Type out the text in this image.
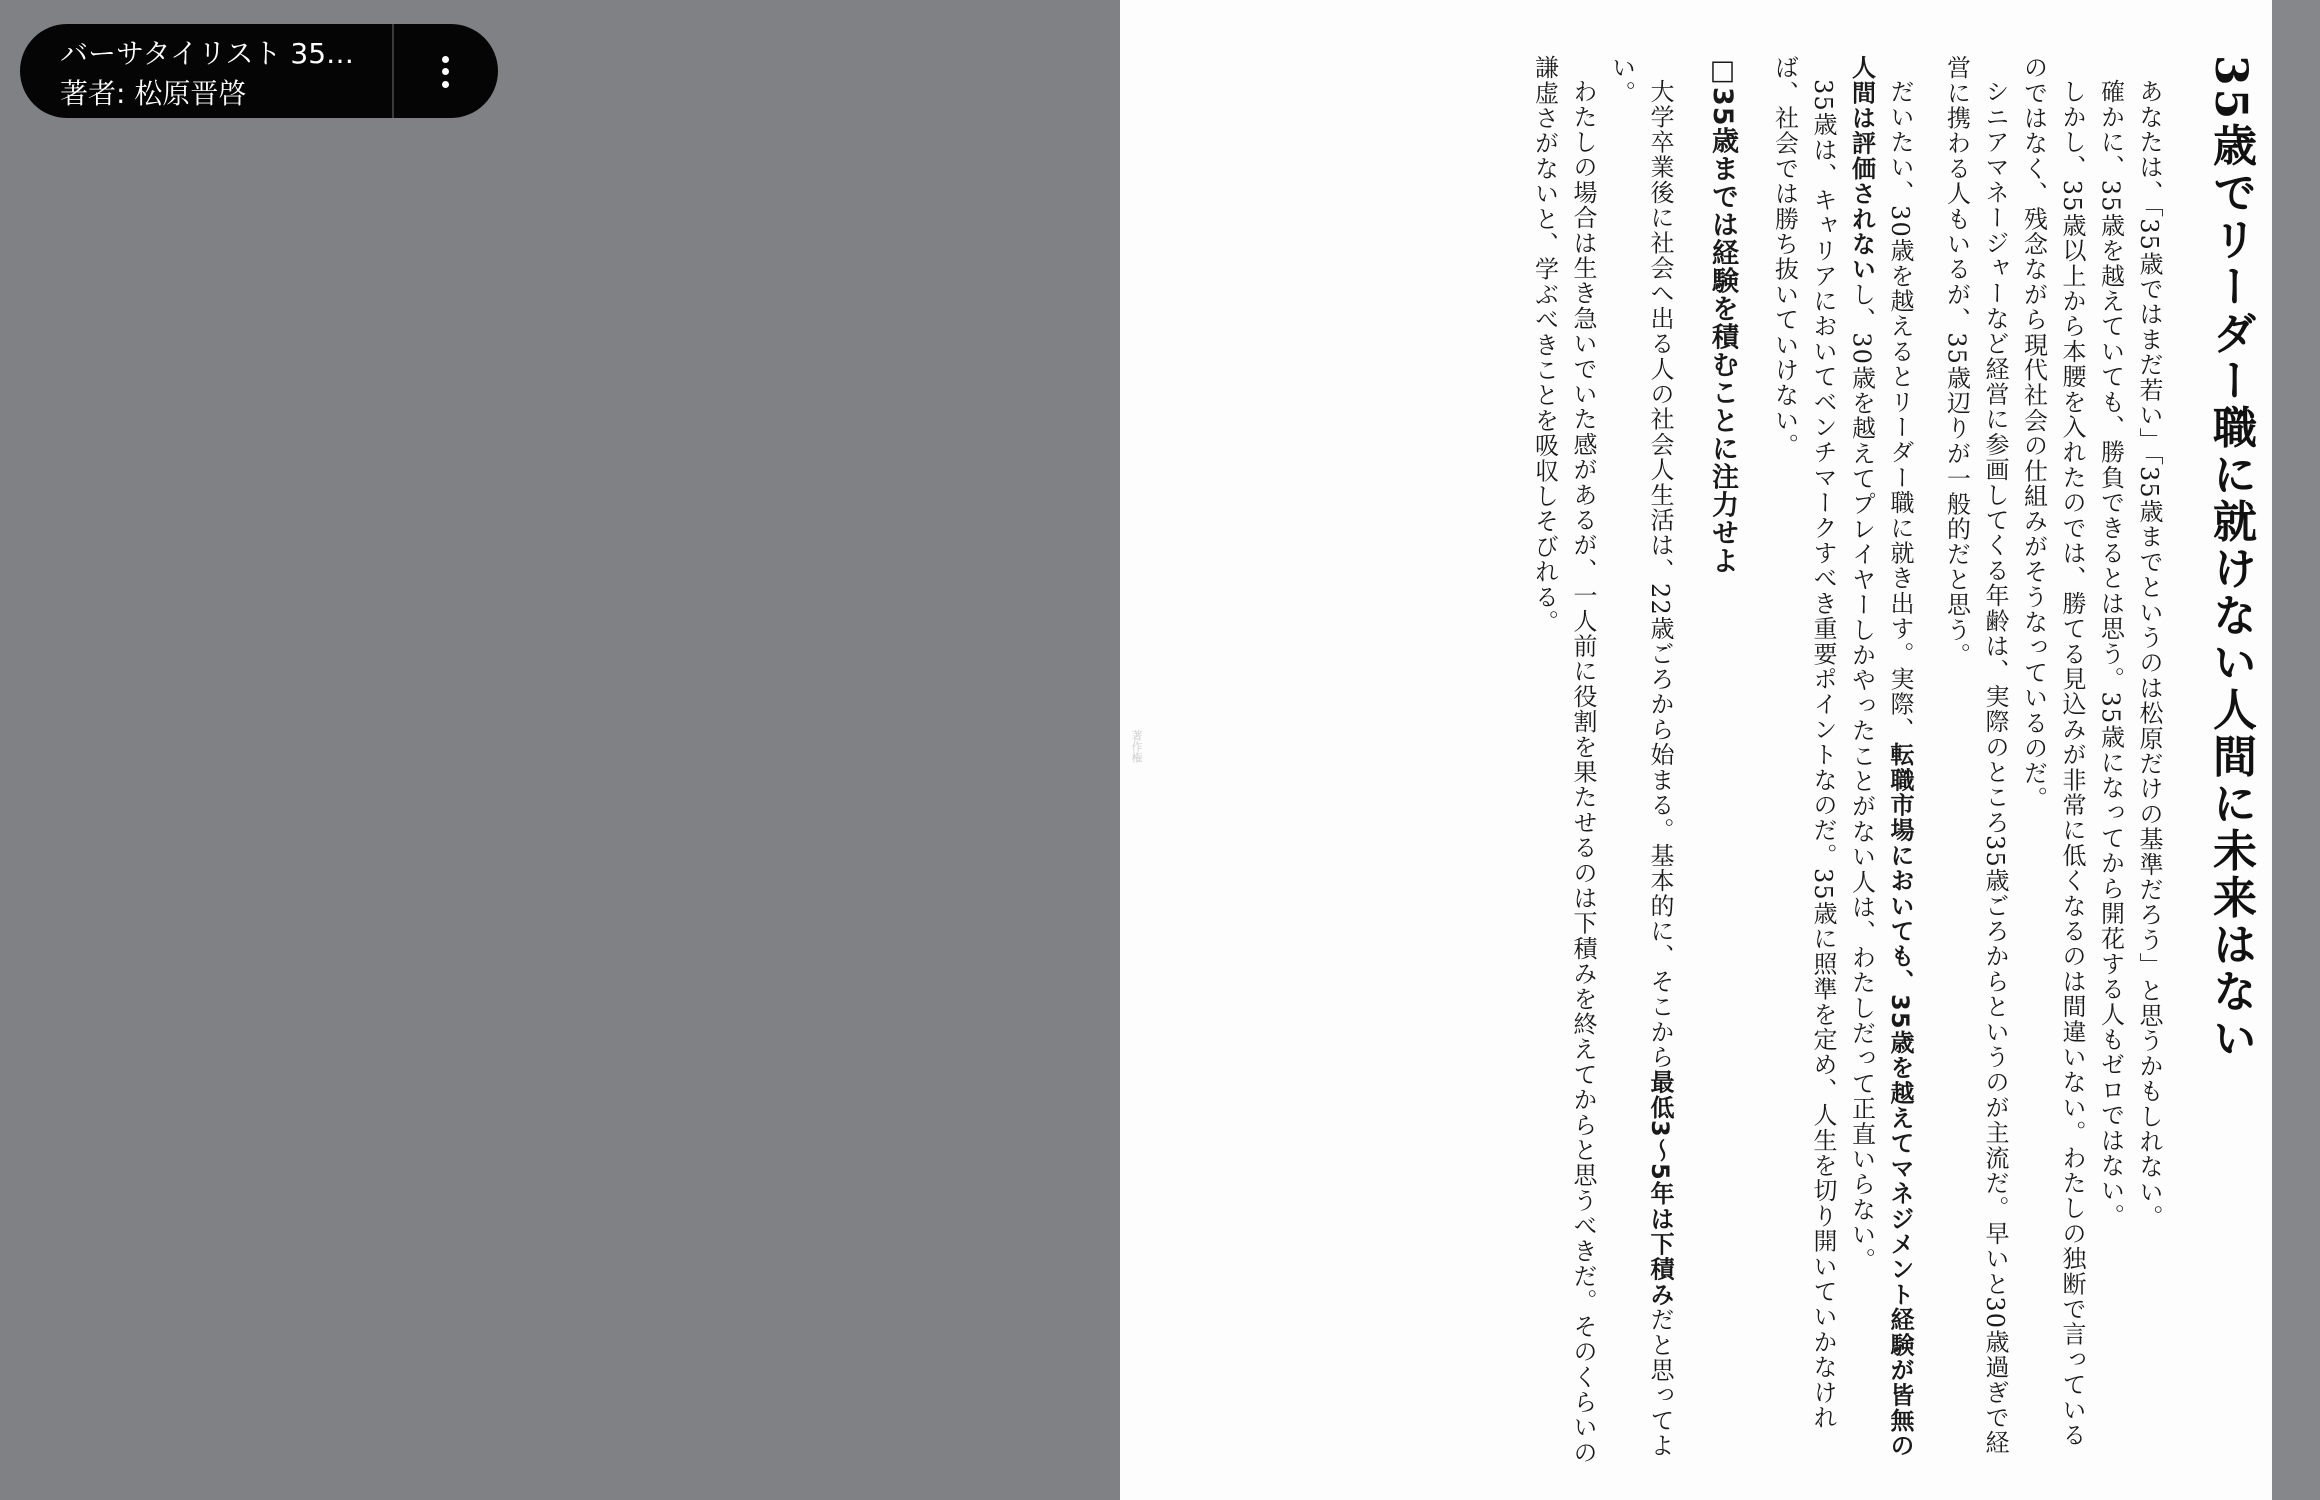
バーサタイリスト 35…
著者: 松原晋啓
著作権	35歳でリーダー職に就けない人間に未来はない

あなたは、「35歳ではまだ若い」「35歳までというのは松原だけの基準だろう」と思うかもしれない。

確かに、35歳を越えていても、勝負できるとは思う。35歳になってから開花する人もゼロではない。

しかし、35歳以上から本腰を入れたのでは、勝てる見込みが非常に低くなるのは間違いない。わたしの独断で言っているのではなく、残念ながら現代社会の仕組みがそうなっているのだ。

シニアマネージャーなど経営に参画してくる年齢は、実際のところ35歳ごろからというのが主流だ。早いと30歳過ぎで経営に携わる人もいるが、35歳辺りが一般的だと思う。

だいたい、30歳を越えるとリーダー職に就き出す。実際、転職市場においても、35歳を越えてマネジメント経験が皆無の人間は評価されないし、30歳を越えてプレイヤーしかやったことがない人は、わたしだって正直いらない。

35歳は、キャリアにおいてベンチマークすべき重要ポイントなのだ。35歳に照準を定め、人生を切り開いていかなければ、社会では勝ち抜いていけない。

□35歳までは経験を積むことに注力せよ

大学卒業後に社会へ出る人の社会人生活は、22歳ごろから始まる。基本的に、そこから最低3〜5年は下積みだと思ってよい。

わたしの場合は生き急いでいた感があるが、一人前に役割を果たせるのは下積みを終えてからと思うべきだ。そのくらいの謙虚さがないと、学ぶべきことを吸収しそびれる。
